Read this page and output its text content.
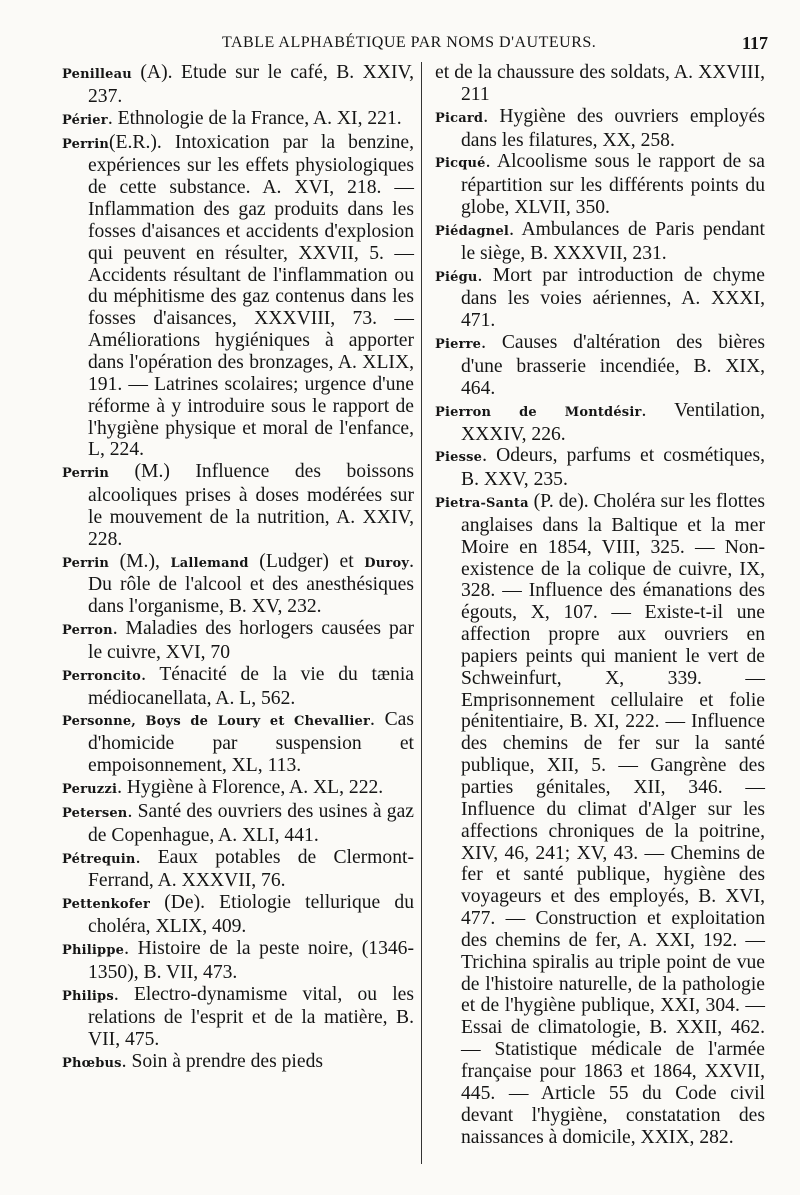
TABLE ALPHABÉTIQUE PAR NOMS D'AUTEURS.	117

Penilleau (A). Etude sur le café, B. XXIV, 237.

Périer. Ethnologie de la France, A. XI, 221.

Perrin(E.R.). Intoxication par la benzine, expériences sur les effets physiologiques de cette substance. A. XVI, 218. — Inflammation des gaz produits dans les fosses d'aisances et accidents d'explosion qui peuvent en résulter, XXVII, 5. — Accidents résultant de l'inflammation ou du méphitisme des gaz contenus dans les fosses d'aisances, XXXVIII, 73. — Améliorations hygiéniques à apporter dans l'opération des bronzages, A. XLIX, 191. — Latrines scolaires; urgence d'une réforme à y introduire sous le rapport de l'hygiène physique et moral de l'enfance, L, 224.

Perrin (M.) Influence des boissons alcooliques prises à doses modérées sur le mouvement de la nutrition, A. XXIV, 228.

Perrin (M.), Lallemand (Ludger) et Duroy. Du rôle de l'alcool et des anesthésiques dans l'organisme, B. XV, 232.

Perron. Maladies des horlogers causées par le cuivre, XVI, 70

Perroncito. Ténacité de la vie du tænia médiocanellata, A. L, 562.

Personne, Boys de Loury et Chevallier. Cas d'homicide par suspension et empoisonnement, XL, 113.

Peruzzi. Hygiène à Florence, A. XL, 222.

Petersen. Santé des ouvriers des usines à gaz de Copenhague, A. XLI, 441.

Pétrequin. Eaux potables de Clermont-Ferrand, A. XXXVII, 76.

Pettenkofer (De). Etiologie tellurique du choléra, XLIX, 409.

Philippe. Histoire de la peste noire, (1346-1350), B. VII, 473.

Philips. Electro-dynamisme vital, ou les relations de l'esprit et de la matière, B. VII, 475.

Phœbus. Soin à prendre des pieds

et de la chaussure des soldats, A. XXVIII, 211

Picard. Hygiène des ouvriers employés dans les filatures, XX, 258.

Picqué. Alcoolisme sous le rapport de sa répartition sur les différents points du globe, XLVII, 350.

Piédagnel. Ambulances de Paris pendant le siège, B. XXXVII, 231.

Piégu. Mort par introduction de chyme dans les voies aériennes, A. XXXI, 471.

Pierre. Causes d'altération des bières d'une brasserie incendiée, B. XIX, 464.

Pierron de Montdésir. Ventilation, XXXIV, 226.

Piesse. Odeurs, parfums et cosmétiques, B. XXV, 235.

Pietra-Santa (P. de). Choléra sur les flottes anglaises dans la Baltique et la mer Moire en 1854, VIII, 325. — Non-existence de la colique de cuivre, IX, 328. — Influence des émanations des égouts, X, 107. — Existe-t-il une affection propre aux ouvriers en papiers peints qui manient le vert de Schweinfurt, X, 339. — Emprisonnement cellulaire et folie pénitentiaire, B. XI, 222. — Influence des chemins de fer sur la santé publique, XII, 5. — Gangrène des parties génitales, XII, 346. — Influence du climat d'Alger sur les affections chroniques de la poitrine, XIV, 46, 241; XV, 43. — Chemins de fer et santé publique, hygiène des voyageurs et des employés, B. XVI, 477. — Construction et exploitation des chemins de fer, A. XXI, 192. — Trichina spiralis au triple point de vue de l'histoire naturelle, de la pathologie et de l'hygiène publique, XXI, 304. — Essai de climatologie, B. XXII, 462. — Statistique médicale de l'armée française pour 1863 et 1864, XXVII, 445. — Article 55 du Code civil devant l'hygiène, constatation des naissances à domicile, XXIX, 282.
